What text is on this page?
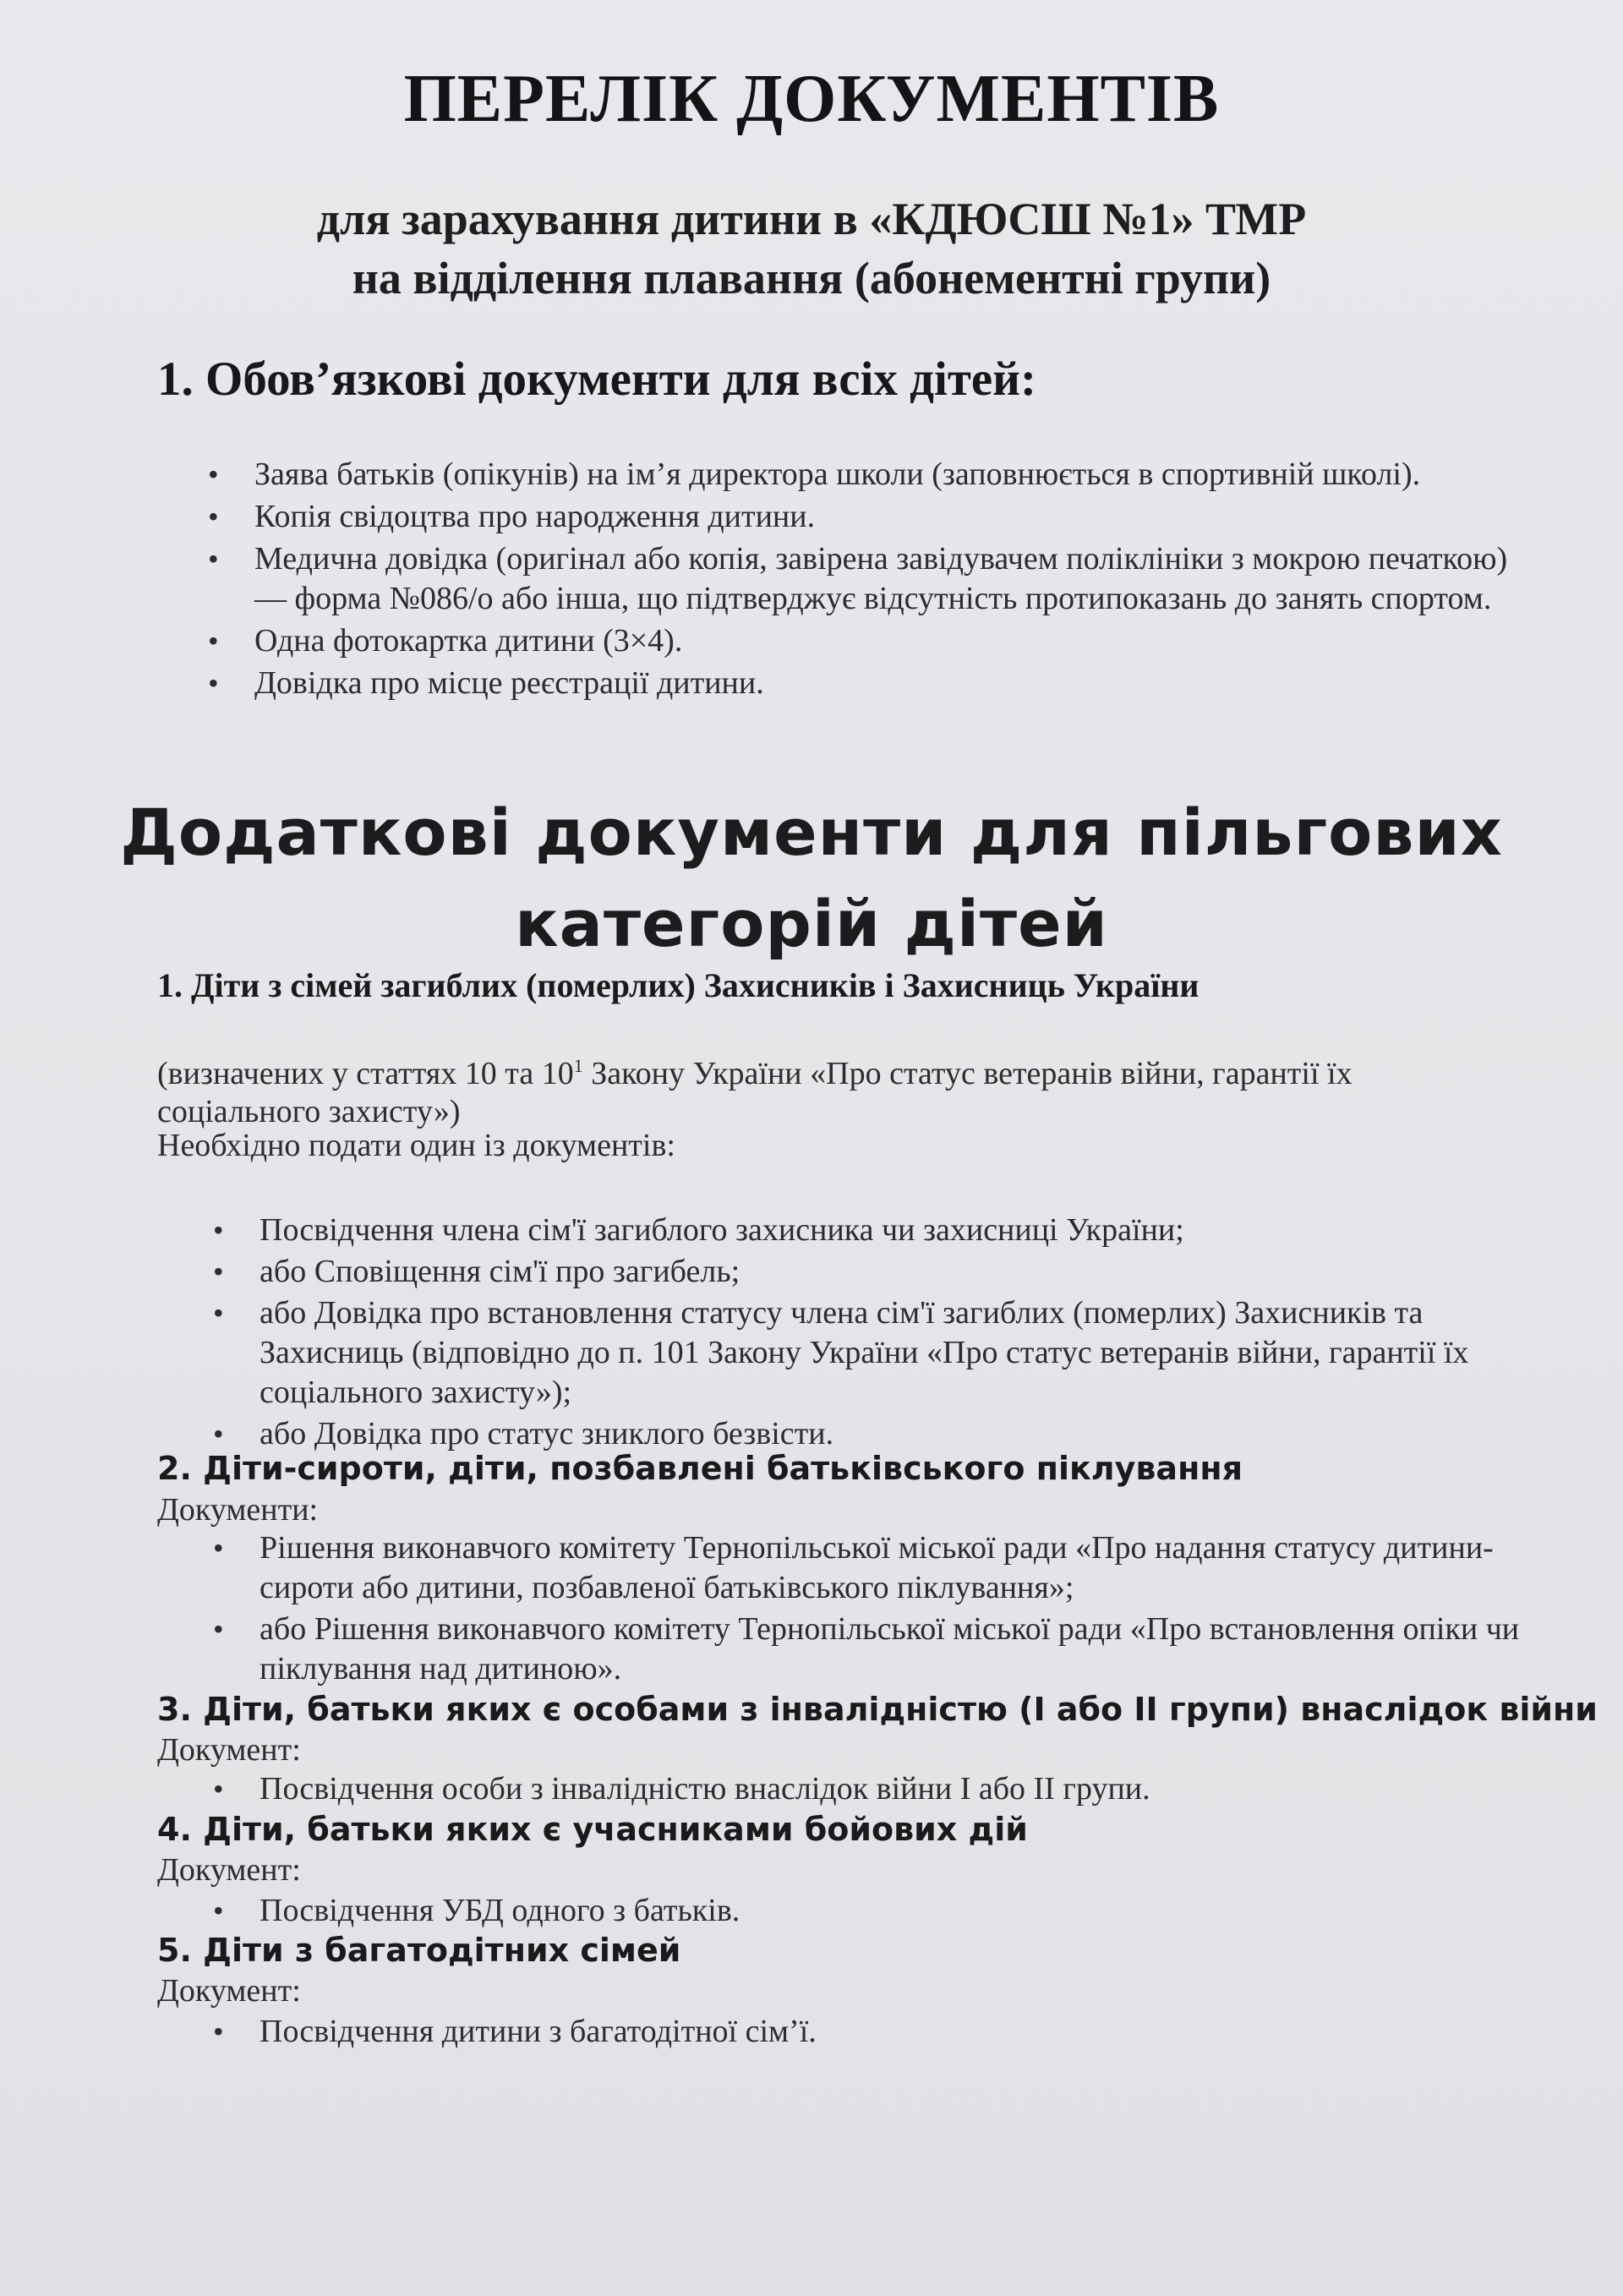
ПЕРЕЛІК ДОКУМЕНТІВ
для зарахування дитини в «КДЮСШ №1» ТМР
на відділення плавання (абонементні групи)
1. Обов’язкові документи для всіх дітей:
• Заява батьків (опікунів) на ім’я директора школи (заповнюється в спортивній школі).
• Копія свідоцтва про народження дитини.
• Медична довідка (оригінал або копія, завірена завідувачем поліклініки з мокрою печаткою) — форма №086/о або інша, що підтверджує відсутність протипоказань до занять спортом.
• Одна фотокартка дитини (3×4).
• Довідка про місце реєстрації дитини.
Додаткові документи для пільгових
категорій дітей
1. Діти з сімей загиблих (померлих) Захисників і Захисниць України

(визначених у статтях 10 та $10^1$ Закону України «Про статус ветеранів війни, гарантії їх соціального захисту»)

Необхідно подати один із документів:

• Посвідчення члена сім'ї загиблого захисника чи захисниці України;
• або Сповіщення сім'ї про загибель;
• або Довідка про встановлення статусу члена сім'ї загиблих (померлих) Захисників та Захисниць (відповідно до п. 101 Закону України «Про статус ветеранів війни, гарантії їх соціального захисту»);
• або Довідка про статус зниклого безвісти.
2. Діти-сироти, діти, позбавлені батьківського піклування

Документи:

• Рішення виконавчого комітету Тернопільської міської ради «Про надання статусу дитини-сироти або дитини, позбавленої батьківського піклування»;
• або Рішення виконавчого комітету Тернопільської міської ради «Про встановлення опіки чи піклування над дитиною».
3. Діти, батьки яких є особами з інвалідністю (І або ІІ групи) внаслідок війни

Документ:

• Посвідчення особи з інвалідністю внаслідок війни І або ІІ групи.
4. Діти, батьки яких є учасниками бойових дій

Документ:

• Посвідчення УБД одного з батьків.
5. Діти з багатодітних сімей

Документ:

• Посвідчення дитини з багатодітної сім’ї.
